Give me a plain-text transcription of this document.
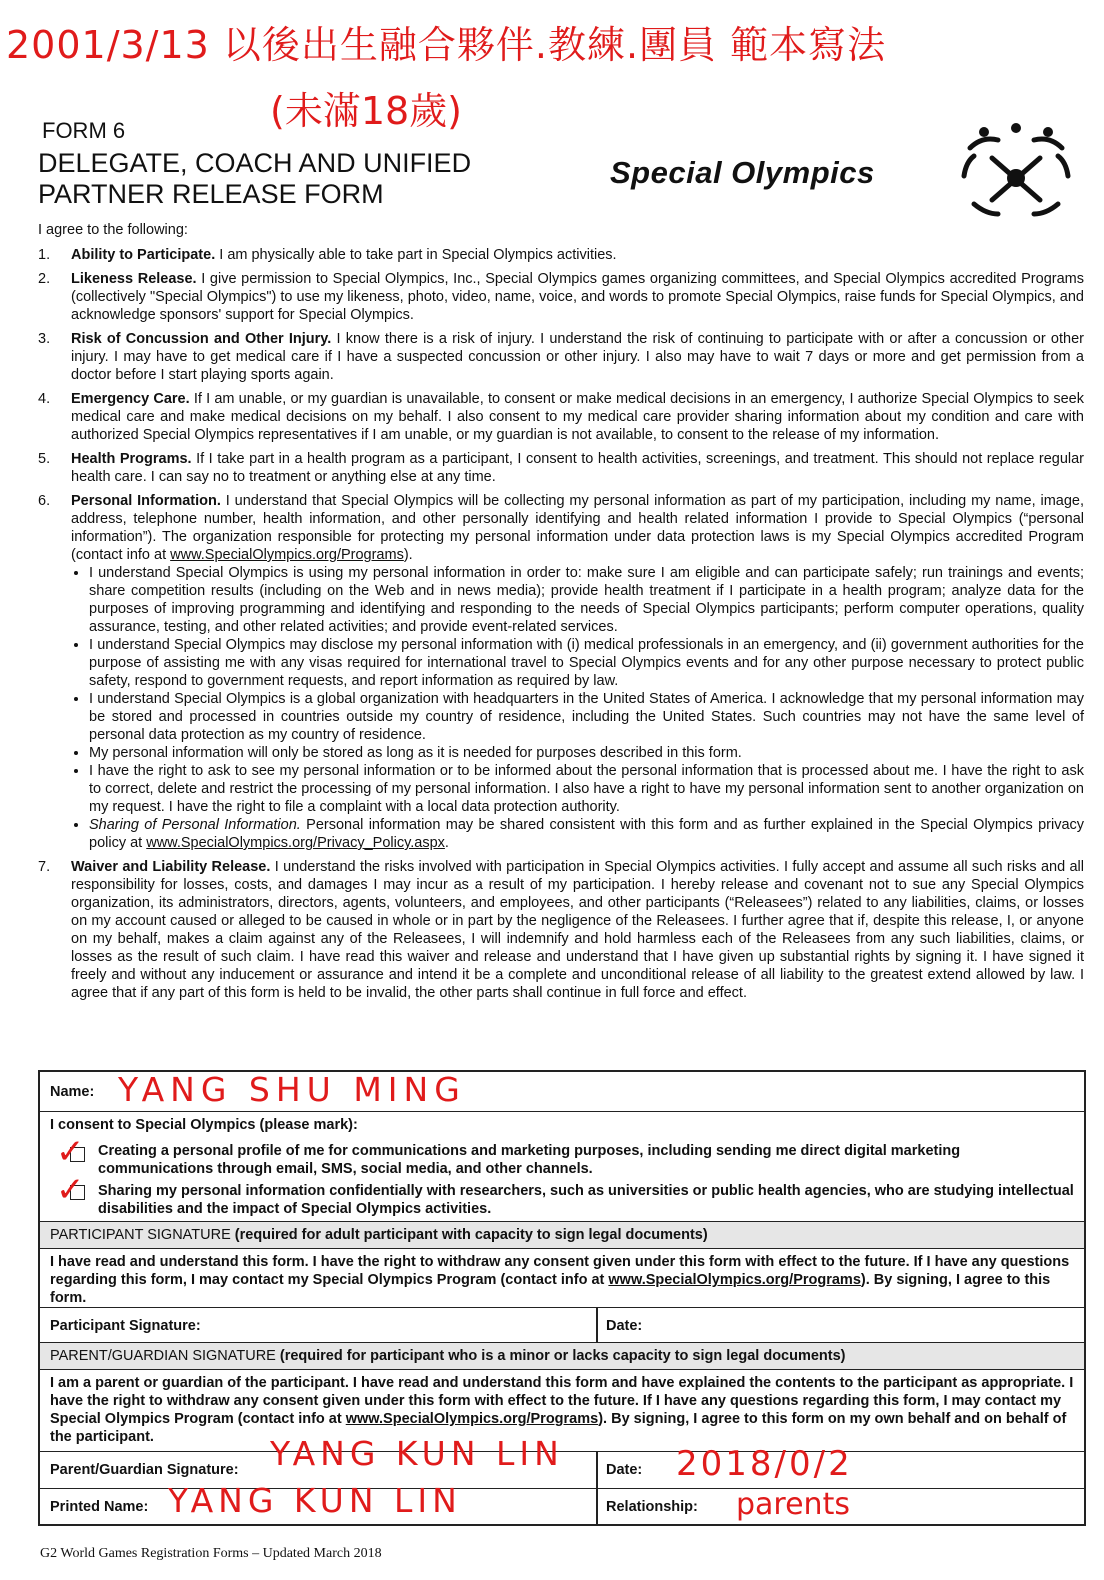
2001/3/13 以後出生融合夥伴.教練.團員 範本寫法
(未滿18歲)
FORM 6
DELEGATE, COACH AND UNIFIED
PARTNER RELEASE FORM
Special Olympics
I agree to the following:
1. Ability to Participate. I am physically able to take part in Special Olympics activities.
2. Likeness Release. I give permission to Special Olympics, Inc., Special Olympics games organizing committees, and Special Olympics accredited Programs (collectively "Special Olympics") to use my likeness, photo, video, name, voice, and words to promote Special Olympics, raise funds for Special Olympics, and acknowledge sponsors' support for Special Olympics.
3. Risk of Concussion and Other Injury. I know there is a risk of injury. I understand the risk of continuing to participate with or after a concussion or other injury. I may have to get medical care if I have a suspected concussion or other injury. I also may have to wait 7 days or more and get permission from a doctor before I start playing sports again.
4. Emergency Care. If I am unable, or my guardian is unavailable, to consent or make medical decisions in an emergency, I authorize Special Olympics to seek medical care and make medical decisions on my behalf. I also consent to my medical care provider sharing information about my condition and care with authorized Special Olympics representatives if I am unable, or my guardian is not available, to consent to the release of my information.
5. Health Programs. If I take part in a health program as a participant, I consent to health activities, screenings, and treatment. This should not replace regular health care. I can say no to treatment or anything else at any time.
6. Personal Information. I understand that Special Olympics will be collecting my personal information as part of my participation, including my name, image, address, telephone number, health information, and other personally identifying and health related information I provide to Special Olympics (“personal information”). The organization responsible for protecting my personal information under data protection laws is my Special Olympics accredited Program (contact info at www.SpecialOlympics.org/Programs).
• I understand Special Olympics is using my personal information in order to: make sure I am eligible and can participate safely; run trainings and events; share competition results (including on the Web and in news media); provide health treatment if I participate in a health program; analyze data for the purposes of improving programming and identifying and responding to the needs of Special Olympics participants; perform computer operations, quality assurance, testing, and other related activities; and provide event-related services.
• I understand Special Olympics may disclose my personal information with (i) medical professionals in an emergency, and (ii) government authorities for the purpose of assisting me with any visas required for international travel to Special Olympics events and for any other purpose necessary to protect public safety, respond to government requests, and report information as required by law.
• I understand Special Olympics is a global organization with headquarters in the United States of America. I acknowledge that my personal information may be stored and processed in countries outside my country of residence, including the United States. Such countries may not have the same level of personal data protection as my country of residence.
• My personal information will only be stored as long as it is needed for purposes described in this form.
• I have the right to ask to see my personal information or to be informed about the personal information that is processed about me. I have the right to ask to correct, delete and restrict the processing of my personal information. I also have a right to have my personal information sent to another organization on my request. I have the right to file a complaint with a local data protection authority.
• Sharing of Personal Information. Personal information may be shared consistent with this form and as further explained in the Special Olympics privacy policy at www.SpecialOlympics.org/Privacy_Policy.aspx.
7. Waiver and Liability Release. I understand the risks involved with participation in Special Olympics activities. I fully accept and assume all such risks and all responsibility for losses, costs, and damages I may incur as a result of my participation. I hereby release and covenant not to sue any Special Olympics organization, its administrators, directors, agents, volunteers, and employees, and other participants (“Releasees”) related to any liabilities, claims, or losses on my account caused or alleged to be caused in whole or in part by the negligence of the Releasees. I further agree that if, despite this release, I, or anyone on my behalf, makes a claim against any of the Releasees, I will indemnify and hold harmless each of the Releasees from any such liabilities, claims, or losses as the result of such claim. I have read this waiver and release and understand that I have given up substantial rights by signing it. I have signed it freely and without any inducement or assurance and intend it be a complete and unconditional release of all liability to the greatest extend allowed by law. I agree that if any part of this form is held to be invalid, the other parts shall continue in full force and effect.
Name: YANG SHU MING
I consent to Special Olympics (please mark):
✓ Creating a personal profile of me for communications and marketing purposes, including sending me direct digital marketing communications through email, SMS, social media, and other channels.
✓ Sharing my personal information confidentially with researchers, such as universities or public health agencies, who are studying intellectual disabilities and the impact of Special Olympics activities.
PARTICIPANT SIGNATURE (required for adult participant with capacity to sign legal documents)
I have read and understand this form. I have the right to withdraw any consent given under this form with effect to the future. If I have any questions regarding this form, I may contact my Special Olympics Program (contact info at www.SpecialOlympics.org/Programs). By signing, I agree to this form.
Participant Signature:	Date:
PARENT/GUARDIAN SIGNATURE (required for participant who is a minor or lacks capacity to sign legal documents)
I am a parent or guardian of the participant. I have read and understand this form and have explained the contents to the participant as appropriate. I have the right to withdraw any consent given under this form with effect to the future. If I have any questions regarding this form, I may contact my Special Olympics Program (contact info at www.SpecialOlympics.org/Programs). By signing, I agree to this form on my own behalf and on behalf of the participant.
Parent/Guardian Signature: YANG KUN LIN	Date: 2018/0/2
Printed Name: YANG KUN LIN	Relationship: parents
G2 World Games Registration Forms – Updated March 2018
